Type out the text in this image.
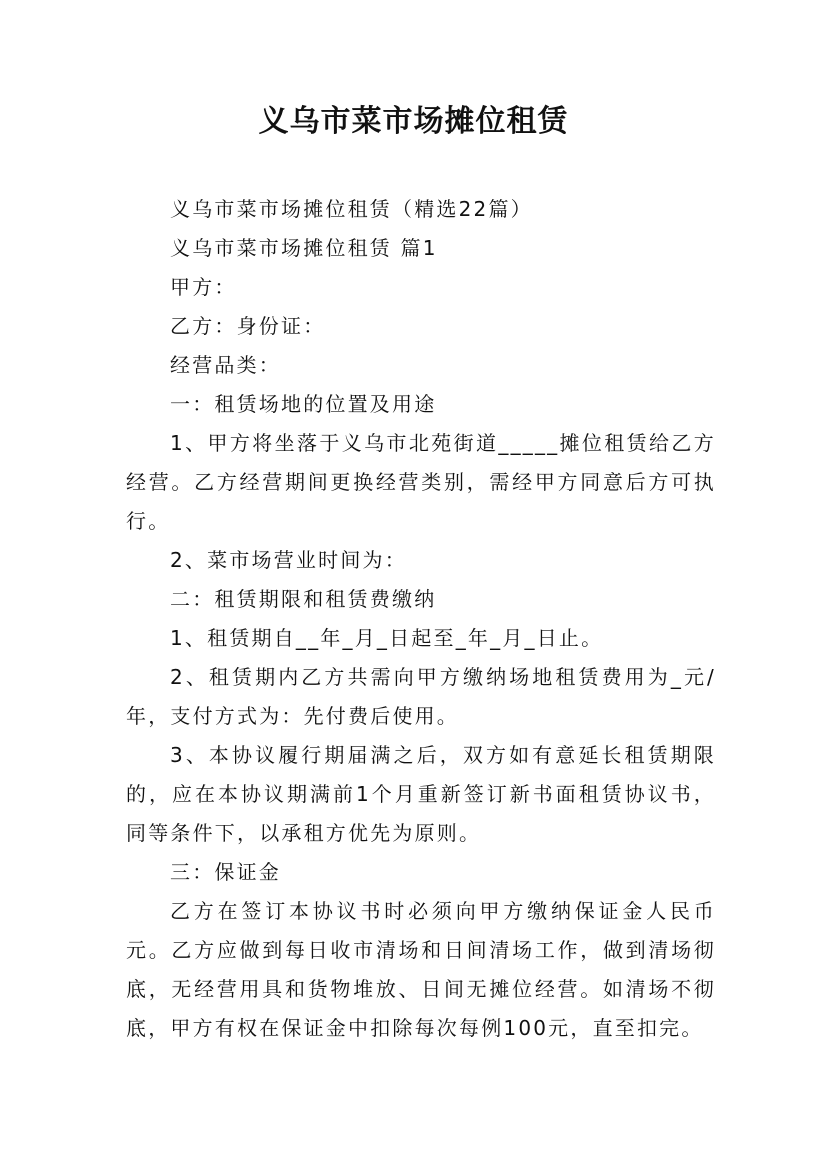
义乌市菜市场摊位租赁

义乌市菜市场摊位租赁（精选22篇）

义乌市菜市场摊位租赁 篇1

甲方：

乙方：身份证：

经营品类：

一：租赁场地的位置及用途

1、甲方将坐落于义乌市北苑街道_____摊位租赁给乙方经营。乙方经营期间更换经营类别，需经甲方同意后方可执行。

2、菜市场营业时间为：

二：租赁期限和租赁费缴纳

1、租赁期自__年_月_日起至_年_月_日止。

2、租赁期内乙方共需向甲方缴纳场地租赁费用为_元/年，支付方式为：先付费后使用。

3、本协议履行期届满之后，双方如有意延长租赁期限的，应在本协议期满前1个月重新签订新书面租赁协议书，同等条件下，以承租方优先为原则。

三：保证金

乙方在签订本协议书时必须向甲方缴纳保证金人民币元。乙方应做到每日收市清场和日间清场工作，做到清场彻底，无经营用具和货物堆放、日间无摊位经营。如清场不彻底，甲方有权在保证金中扣除每次每例100元，直至扣完。
